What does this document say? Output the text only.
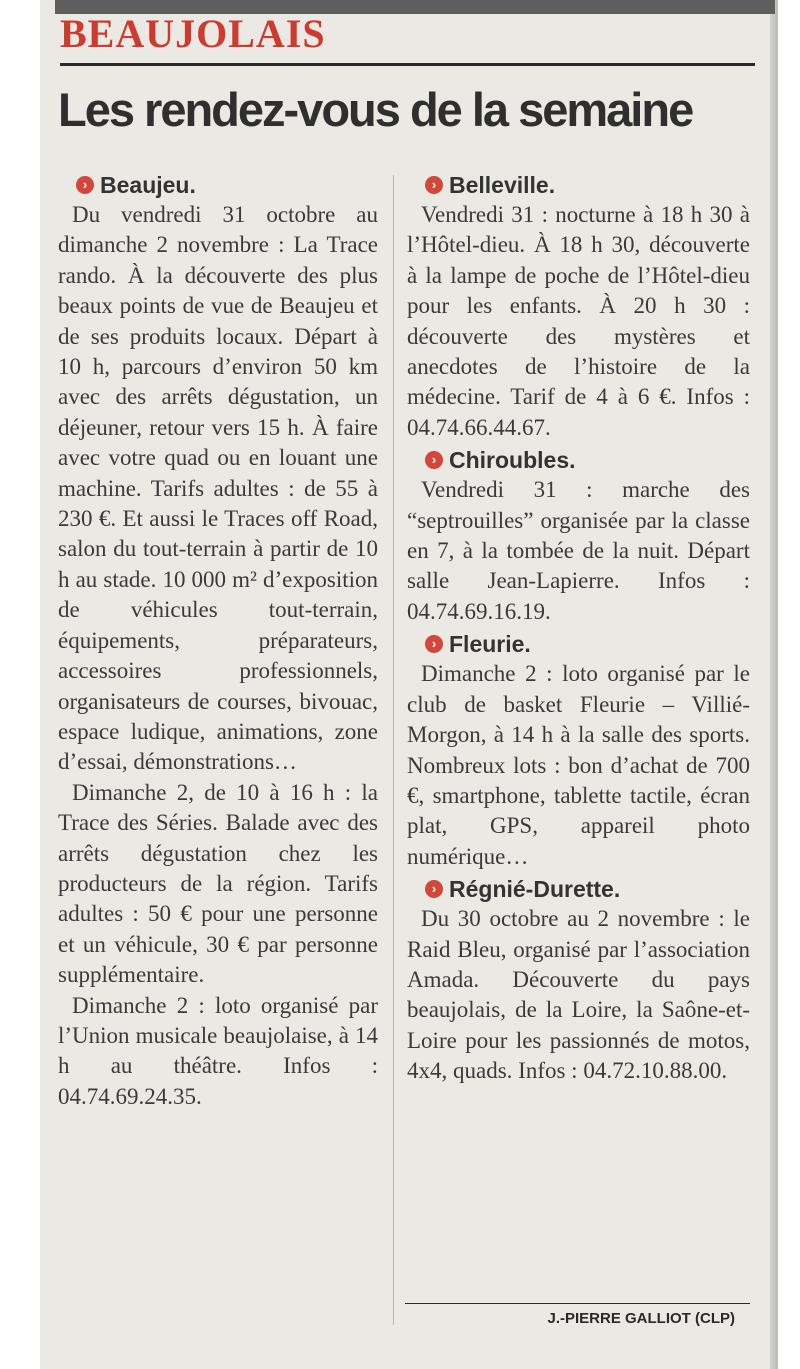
BEAUJOLAIS
Les rendez-vous de la semaine
› Beaujeu.

Du vendredi 31 octobre au dimanche 2 novembre : La Trace rando. À la découverte des plus beaux points de vue de Beaujeu et de ses produits locaux. Départ à 10 h, parcours d’environ 50 km avec des arrêts dégustation, un déjeuner, retour vers 15 h. À faire avec votre quad ou en louant une machine. Tarifs adultes : de 55 à 230 €. Et aussi le Traces off Road, salon du tout-terrain à partir de 10 h au stade. 10 000 m² d’exposition de véhicules tout-terrain, équipements, préparateurs, accessoires professionnels, organisateurs de courses, bivouac, espace ludique, animations, zone d’essai, démonstrations…

Dimanche 2, de 10 à 16 h : la Trace des Séries. Balade avec des arrêts dégustation chez les producteurs de la région. Tarifs adultes : 50 € pour une personne et un véhicule, 30 € par personne supplémentaire.

Dimanche 2 : loto organisé par l’Union musicale beaujolaise, à 14 h au théâtre. Infos : 04.74.69.24.35.

› Belleville.

Vendredi 31 : nocturne à 18 h 30 à l’Hôtel-dieu. À 18 h 30, découverte à la lampe de poche de l’Hôtel-dieu pour les enfants. À 20 h 30 : découverte des mystères et anecdotes de l’histoire de la médecine. Tarif de 4 à 6 €. Infos : 04.74.66.44.67.

› Chiroubles.

Vendredi 31 : marche des “septrouilles” organisée par la classe en 7, à la tombée de la nuit. Départ salle Jean-Lapierre. Infos : 04.74.69.16.19.

› Fleurie.

Dimanche 2 : loto organisé par le club de basket Fleurie – Villié-Morgon, à 14 h à la salle des sports. Nombreux lots : bon d’achat de 700 €, smartphone, tablette tactile, écran plat, GPS, appareil photo numérique…

› Régnié-Durette.

Du 30 octobre au 2 novembre : le Raid Bleu, organisé par l’association Amada. Découverte du pays beaujolais, de la Loire, la Saône-et-Loire pour les passionnés de motos, 4x4, quads. Infos : 04.72.10.88.00.

J.-PIERRE GALLIOT (CLP)
